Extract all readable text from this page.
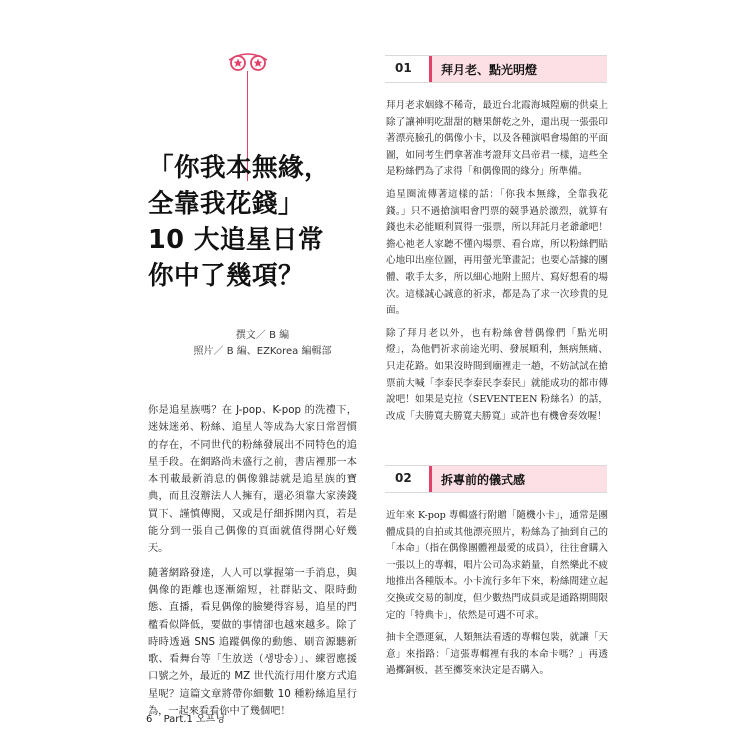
「你我本無緣，
全靠我花錢」
10 大追星日常
你中了幾項？
撰文／ B 編
照片／ B 編、EZKorea 編輯部

你是追星族嗎？在 J-pop、K-pop 的洗禮下，迷妹迷弟、粉絲、追星人等成為大家日常習慣的存在，不同世代的粉絲發展出不同特色的追星手段。在網路尚未盛行之前，書店裡那一本本刊載最新消息的偶像雜誌就是追星族的寶典，而且沒辦法人人擁有，還必須靠大家湊錢買下、謹慎傳閱，又或是仔細拆開內頁，若是能分到一張自己偶像的頁面就值得開心好幾天。

隨著網路發達，人人可以掌握第一手消息，與偶像的距離也逐漸縮短，社群貼文、限時動態、直播，看見偶像的臉變得容易，追星的門檻看似降低，要做的事情卻也越來越多。除了時時透過 SNS 追蹤偶像的動態、刷音源聽新歌、看舞台等「生放送（생방송）」、練習應援口號之外，最近的 MZ 世代流行用什麼方式追星呢？這篇文章將帶你細數 10 種粉絲追星行為，一起來看看你中了幾個吧！

01 拜月老、點光明燈

拜月老求姻緣不稀奇，最近台北霞海城隍廟的供桌上除了讓神明吃甜甜的糖果餅乾之外，還出現一張張印著漂亮臉孔的偶像小卡，以及各種演唱會場館的平面圖，如同考生們拿著准考證拜文昌帝君一樣，這些全是粉絲們為了求得「和偶像間的緣分」所準備。

追星圈流傳著這樣的話：「你我本無緣，全靠我花錢。」只不過搶演唱會門票的競爭過於激烈，就算有錢也未必能順利買得一張票，所以拜託月老爺爺吧！擔心祂老人家聽不懂內場票、看台席，所以粉絲們貼心地印出座位圖，再用螢光筆畫記；也要心話據的團體、歌手太多，所以細心地附上照片、寫好想看的場次。這樣誠心誠意的祈求，都是為了求一次珍貴的見面。

除了拜月老以外，也有粉絲會替偶像們「點光明燈」，為他們祈求前途光明、發展順利，無病無痛、只走花路。如果沒時間到廟裡走一趟，不妨試試在搶票前大喊「李泰民李泰民李泰民」就能成功的都市傳說吧！如果是克拉（SEVENTEEN 粉絲名）的話，改成「夫勝寬夫勝寬夫勝寬」或許也有機會奏效喔！

02 拆專前的儀式感

近年來 K-pop 專輯盛行附贈「隨機小卡」，通常是團體成員的自拍或其他漂亮照片，粉絲為了抽到自己的「本命」（指在偶像團體裡最愛的成員），往往會購入一張以上的專輯，唱片公司為求銷量，自然樂此不疲地推出各種版本。小卡流行多年下來，粉絲間建立起交換或交易的制度，但少數热門成員或是通路期間限定的「特典卡」，依然是可遇不可求。

抽卡全憑運氣，人類無法看透的專輯包裝，就讓「天意」來指路：「這張專輯裡有我的本命卡嗎？」再透過擲銅板、甚至擲筊來決定是否購入。

6 Part.1 오프닝
